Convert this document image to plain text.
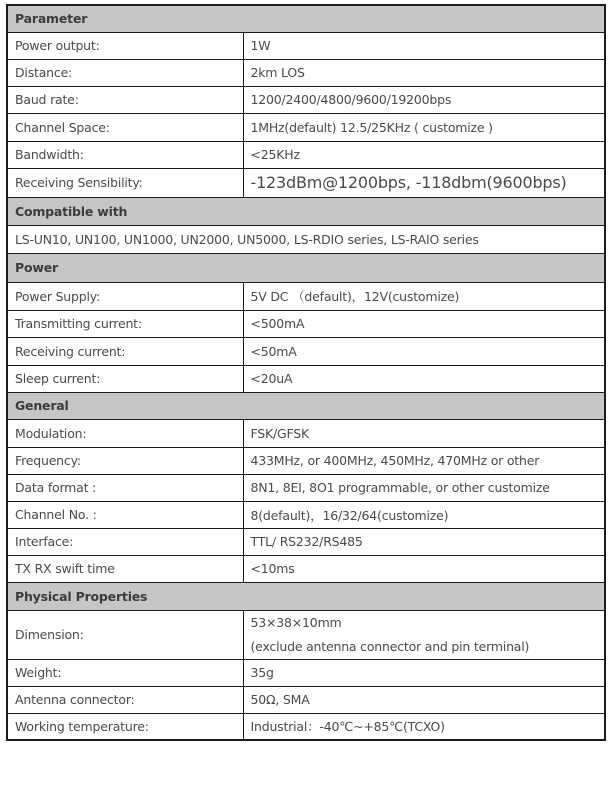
Parameter	
Power output:	1W
Distance:	2km LOS
Baud rate:	1200/2400/4800/9600/19200bps
Channel Space:	1MHz(default) 12.5/25KHz ( customize )
Bandwidth:	<25KHz
Receiving Sensibility:	-123dBm@1200bps, -118dbm(9600bps)
Compatible with	
LS-UN10, UN100, UN1000, UN2000, UN5000, LS-RDIO series, LS-RAIO series	
Power	
Power Supply:	5V DC （default)，12V(customize)
Transmitting current:	<500mA
Receiving current:	<50mA
Sleep current:	<20uA
General	
Modulation:	FSK/GFSK
Frequency:	433MHz, or 400MHz, 450MHz, 470MHz or other
Data format :	8N1, 8EI, 8O1 programmable, or other customize
Channel No. :	8(default)，16/32/64(customize)
Interface:	TTL/ RS232/RS485
TX RX swift time	<10ms
Physical Properties	
Dimension:	53×38×10mm
(exclude antenna connector and pin terminal)

Weight:	35g
Antenna connector:	50Ω, SMA
Working temperature:	Industrial：-40℃~+85℃(TCXO)
